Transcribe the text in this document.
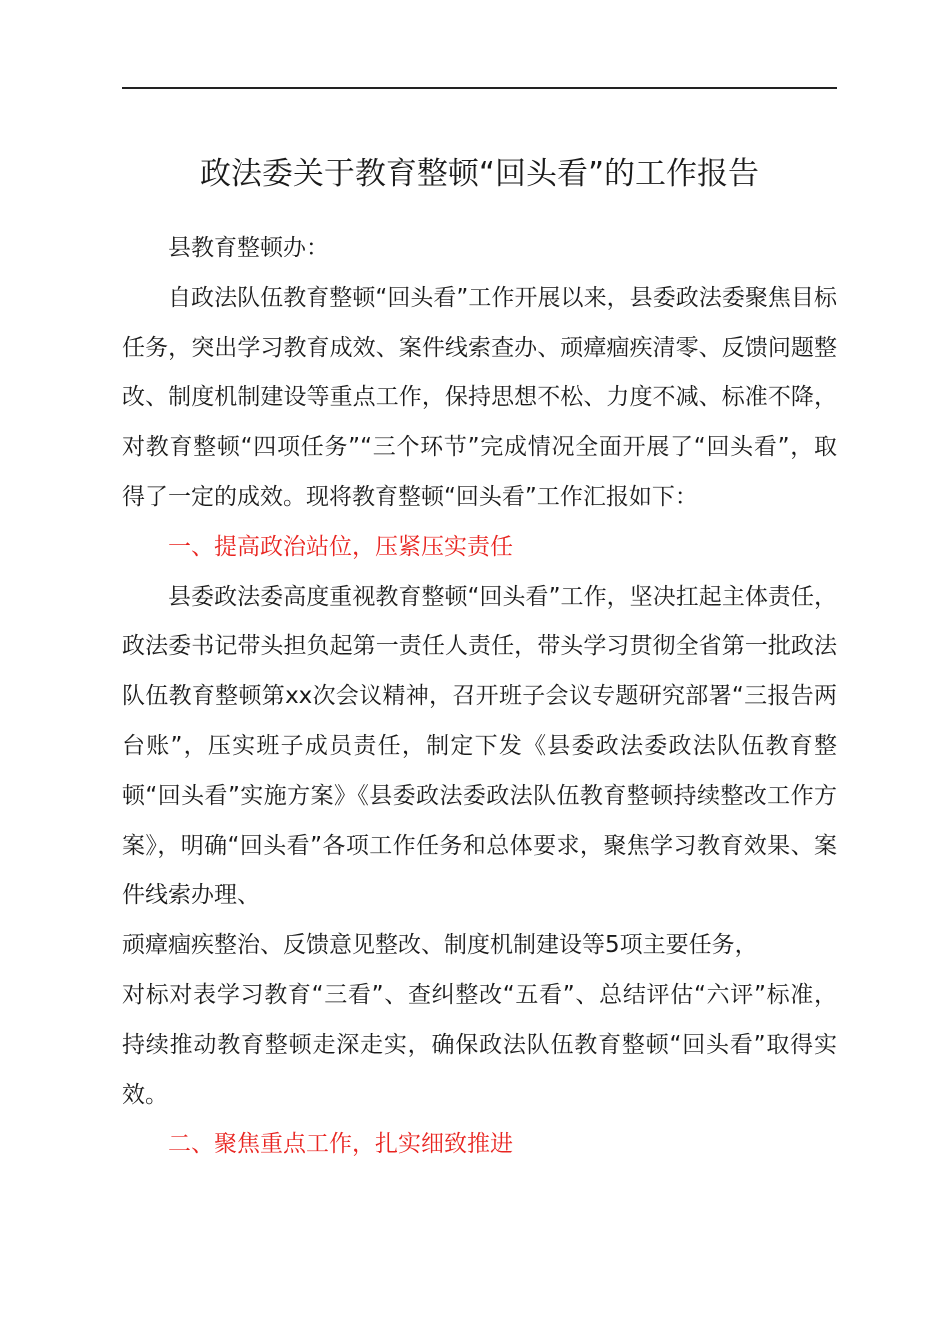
政法委关于教育整顿“回头看”的工作报告

县教育整顿办：

自政法队伍教育整顿“回头看”工作开展以来，县委政法委聚焦目标任务，突出学习教育成效、案件线索查办、顽瘴痼疾清零、反馈问题整改、制度机制建设等重点工作，保持思想不松、力度不减、标准不降，对教育整顿“四项任务”“三个环节”完成情况全面开展了“回头看”，取得了一定的成效。现将教育整顿“回头看”工作汇报如下：

一、提高政治站位，压紧压实责任

县委政法委高度重视教育整顿“回头看”工作，坚决扛起主体责任，政法委书记带头担负起第一责任人责任，带头学习贯彻全省第一批政法队伍教育整顿第xx次会议精神，召开班子会议专题研究部署“三报告两台账”，压实班子成员责任，制定下发《县委政法委政法队伍教育整顿“回头看”实施方案》《县委政法委政法队伍教育整顿持续整改工作方案》，明确“回头看”各项工作任务和总体要求，聚焦学习教育效果、案件线索办理、

顽瘴痼疾整治、反馈意见整改、制度机制建设等5项主要任务，

对标对表学习教育“三看”、查纠整改“五看”、总结评估“六评”标准，持续推动教育整顿走深走实，确保政法队伍教育整顿“回头看”取得实效。

二、聚焦重点工作，扎实细致推进
